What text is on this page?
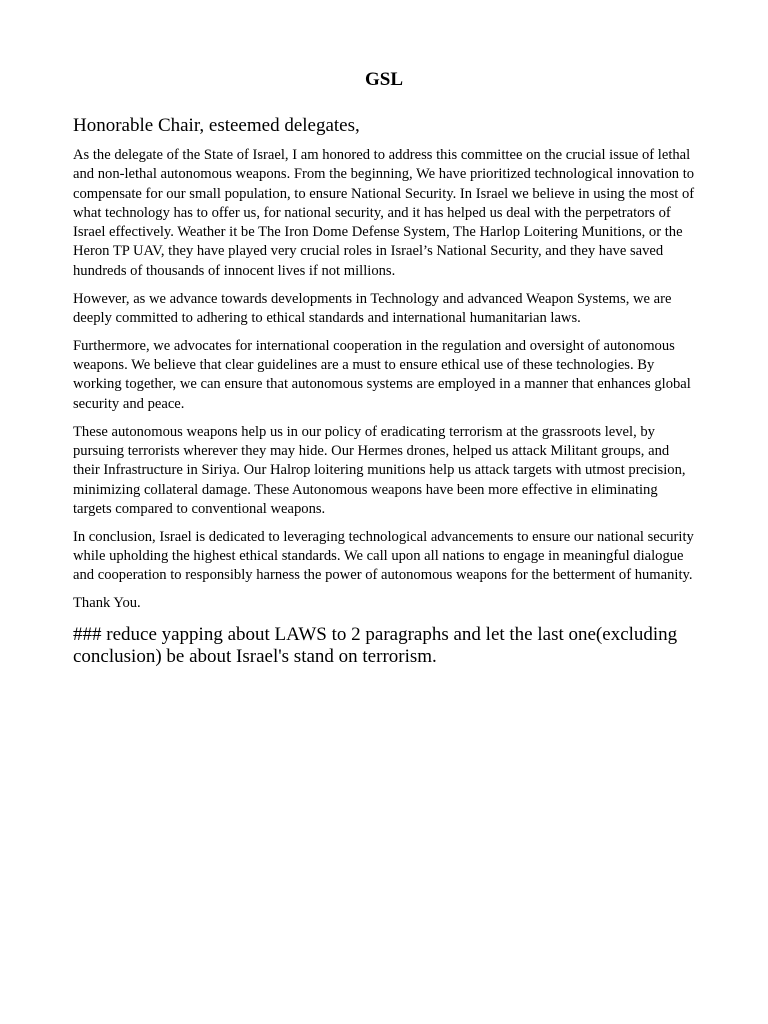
GSL
Honorable Chair, esteemed delegates,

As the delegate of the State of Israel, I am honored to address this committee on the crucial issue of lethal and non-lethal autonomous weapons. From the beginning, We have prioritized technological innovation to compensate for our small population, to ensure National Security. In Israel we believe in using the most of what technology has to offer us, for national security, and it has helped us deal with the perpetrators of Israel effectively. Weather it be The Iron Dome Defense System, The Harlop Loitering Munitions, or the Heron TP UAV, they have played very crucial roles in Israel’s National Security, and they have saved hundreds of thousands of innocent lives if not millions.

However, as we advance towards developments in Technology and advanced Weapon Systems, we are deeply committed to adhering to ethical standards and international humanitarian laws.

Furthermore, we advocates for international cooperation in the regulation and oversight of autonomous weapons. We believe that clear guidelines are a must to ensure ethical use of these technologies. By working together, we can ensure that autonomous systems are employed in a manner that enhances global security and peace.

These autonomous weapons help us in our policy of eradicating terrorism at the grassroots level, by pursuing terrorists wherever they may hide. Our Hermes drones, helped us attack Militant groups, and their Infrastructure in Siriya. Our Halrop loitering munitions help us attack targets with utmost precision, minimizing collateral damage. These Autonomous weapons have been more effective in eliminating targets compared to conventional weapons.

In conclusion, Israel is dedicated to leveraging technological advancements to ensure our national security while upholding the highest ethical standards. We call upon all nations to engage in meaningful dialogue and cooperation to responsibly harness the power of autonomous weapons for the betterment of humanity.

Thank You.

### reduce yapping about LAWS to 2 paragraphs and let the last one(excluding conclusion) be about Israel's stand on terrorism.
